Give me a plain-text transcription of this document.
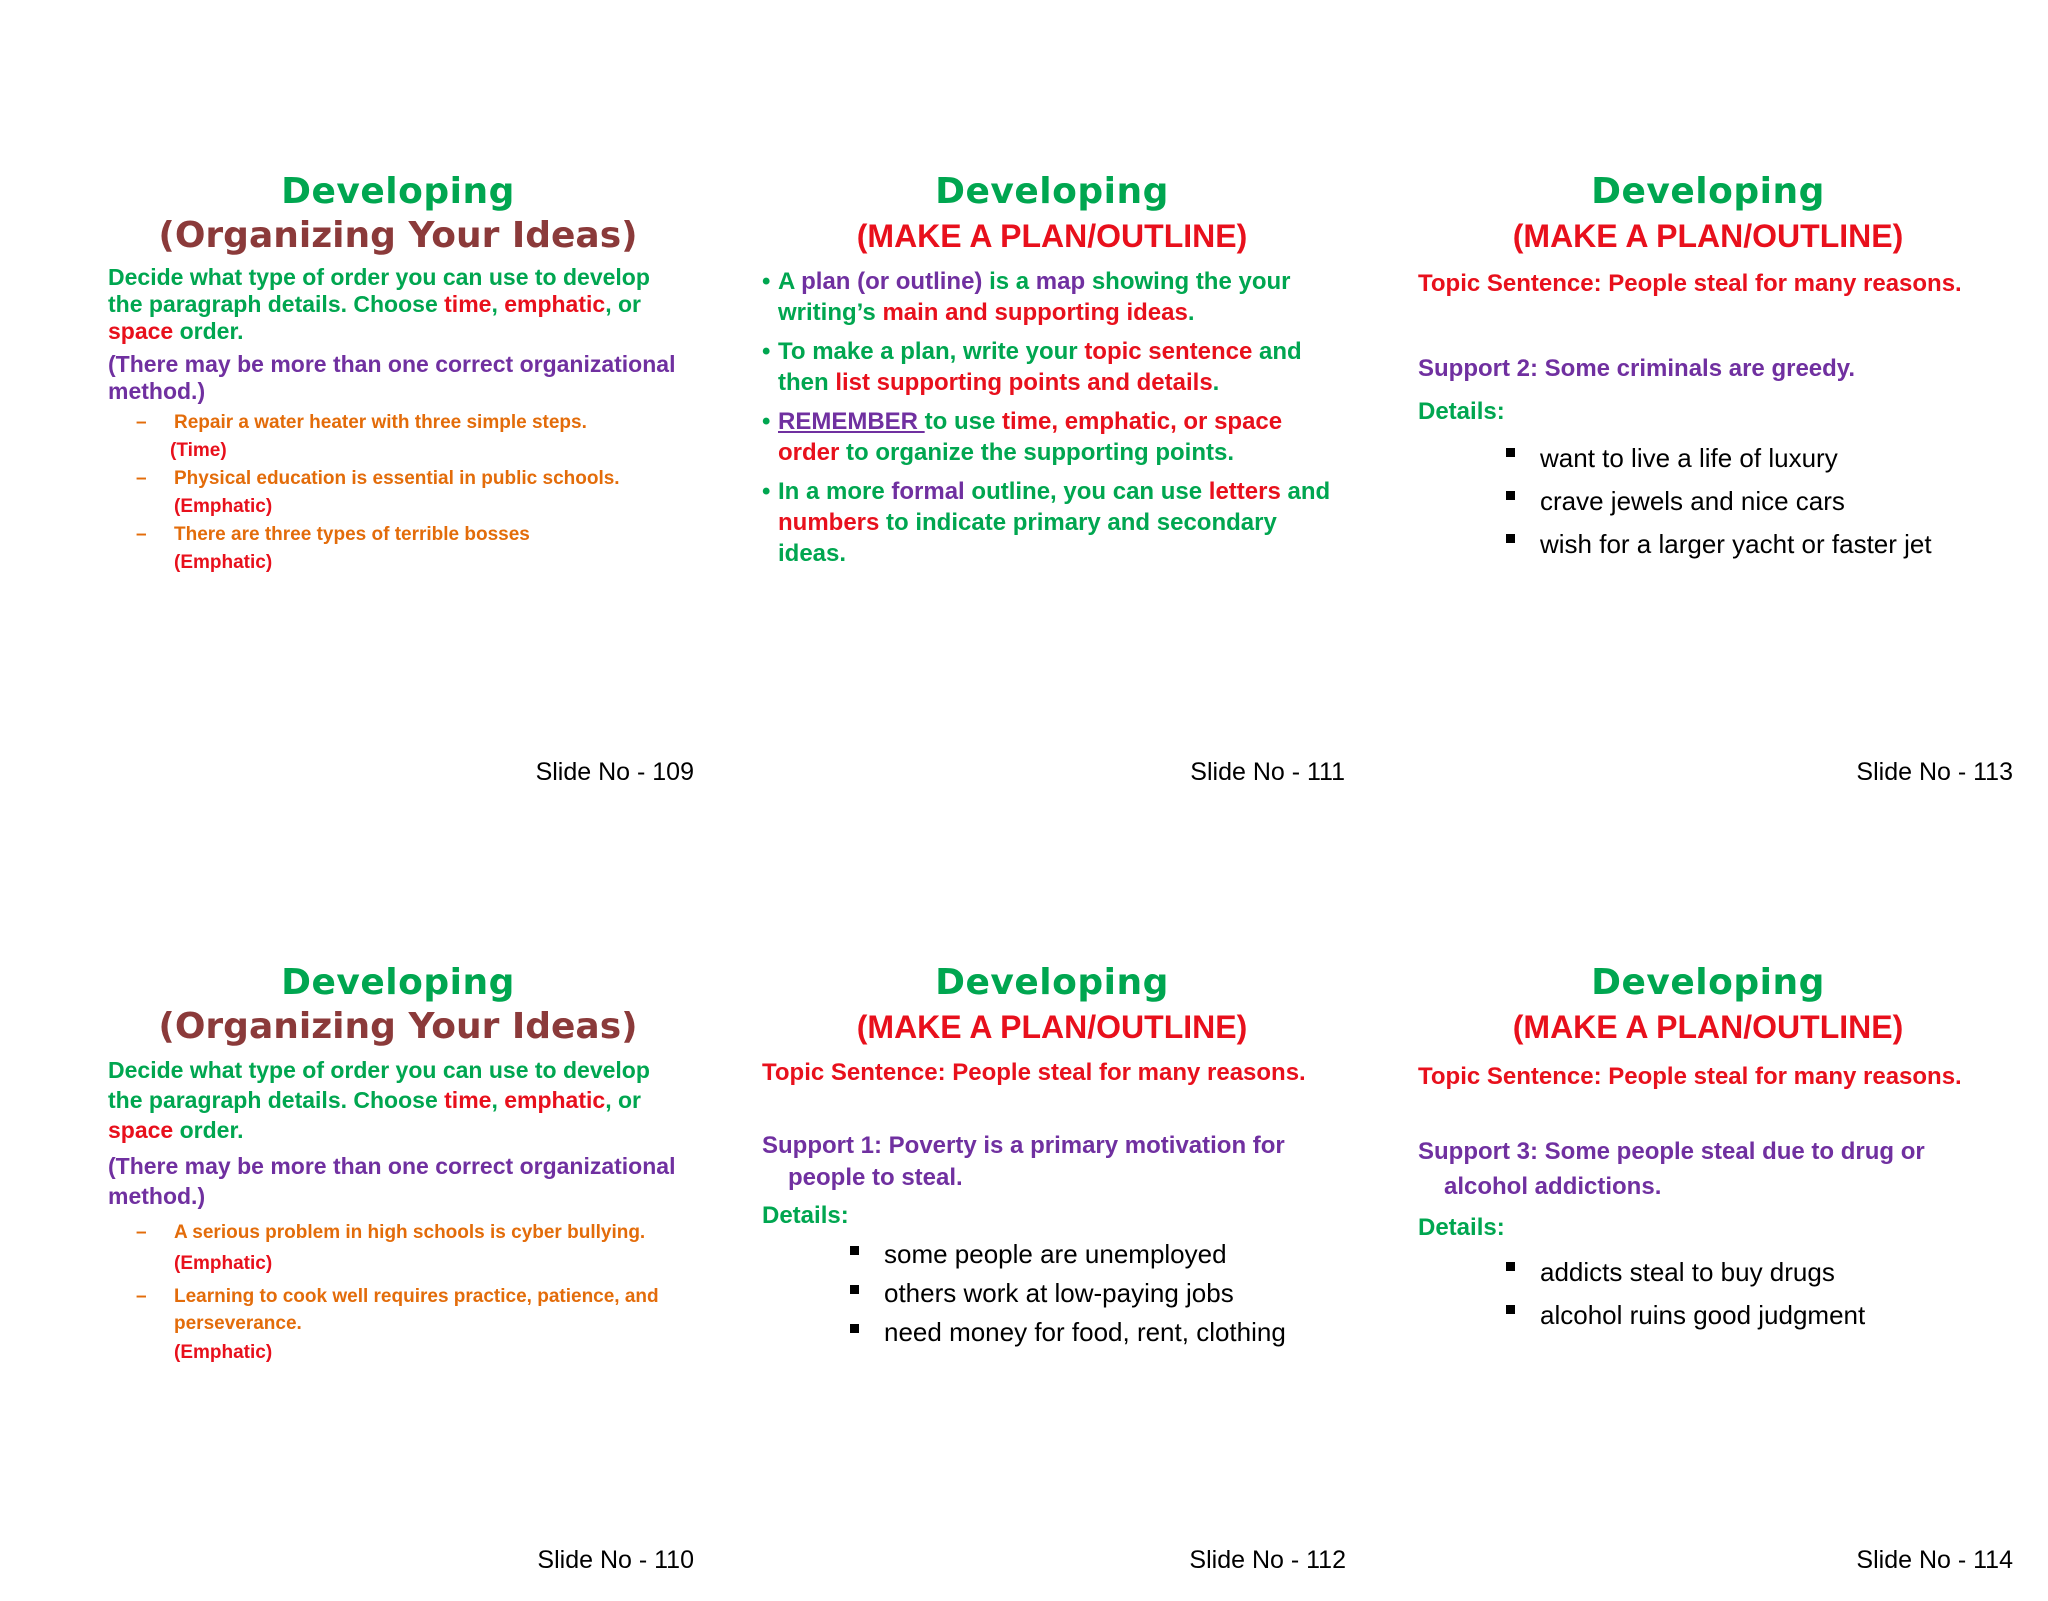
Developing
(Organizing Your Ideas)

Decide what type of order you can use to develop the paragraph details. Choose time, emphatic, or space order.

(There may be more than one correct organizational method.)

– Repair a water heater with three simple steps.

(Time)

– Physical education is essential in public schools.

(Emphatic)

– There are three types of terrible bosses

(Emphatic)

Slide No - 109
Developing
(MAKE A PLAN/OUTLINE)

• A plan (or outline) is a map showing the your writing’s main and supporting ideas.

• To make a plan, write your topic sentence and then list supporting points and details.

• REMEMBER to use time, emphatic, or space order to organize the supporting points.

• In a more formal outline, you can use letters and numbers to indicate primary and secondary ideas.

Slide No - 111
Developing
(MAKE A PLAN/OUTLINE)

Topic Sentence: People steal for many reasons.

Support 2: Some criminals are greedy.

Details:

want to live a life of luxury

crave jewels and nice cars

wish for a larger yacht or faster jet

Slide No - 113
Developing
(Organizing Your Ideas)

Decide what type of order you can use to develop the paragraph details. Choose time, emphatic, or space order.

(There may be more than one correct organizational method.)

– A serious problem in high schools is cyber bullying.

(Emphatic)

– Learning to cook well requires practice, patience, and perseverance.

(Emphatic)

Slide No - 110
Developing
(MAKE A PLAN/OUTLINE)

Topic Sentence: People steal for many reasons.

Support 1: Poverty is a primary motivation for people to steal.

Details:

some people are unemployed

others work at low-paying jobs

need money for food, rent, clothing

Slide No - 112
Developing
(MAKE A PLAN/OUTLINE)

Topic Sentence: People steal for many reasons.

Support 3: Some people steal due to drug or alcohol addictions.

Details:

addicts steal to buy drugs

alcohol ruins good judgment

Slide No - 114
